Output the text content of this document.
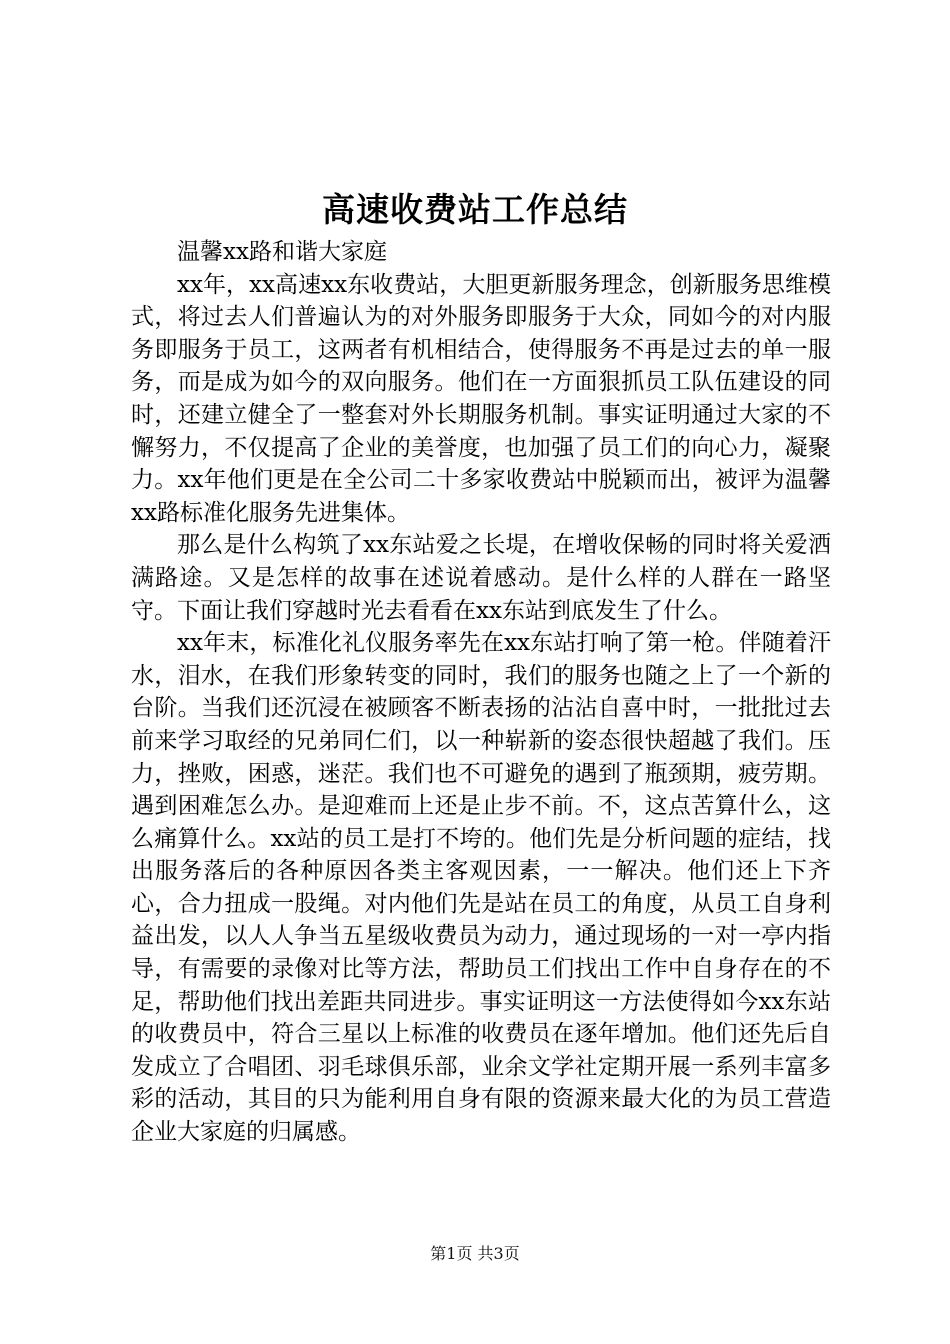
高速收费站工作总结

温馨xx路和谐大家庭

xx年，xx高速xx东收费站，大胆更新服务理念，创新服务思维模式，将过去人们普遍认为的对外服务即服务于大众，同如今的对内服务即服务于员工，这两者有机相结合，使得服务不再是过去的单一服务，而是成为如今的双向服务。他们在一方面狠抓员工队伍建设的同时，还建立健全了一整套对外长期服务机制。事实证明通过大家的不懈努力，不仅提高了企业的美誉度，也加强了员工们的向心力，凝聚力。xx年他们更是在全公司二十多家收费站中脱颖而出，被评为温馨xx路标准化服务先进集体。

那么是什么构筑了xx东站爱之长堤，在增收保畅的同时将关爱洒满路途。又是怎样的故事在述说着感动。是什么样的人群在一路坚守。下面让我们穿越时光去看看在xx东站到底发生了什么。

xx年末，标准化礼仪服务率先在xx东站打响了第一枪。伴随着汗水，泪水，在我们形象转变的同时，我们的服务也随之上了一个新的台阶。当我们还沉浸在被顾客不断表扬的沾沾自喜中时，一批批过去前来学习取经的兄弟同仁们，以一种崭新的姿态很快超越了我们。压力，挫败，困惑，迷茫。我们也不可避免的遇到了瓶颈期，疲劳期。遇到困难怎么办。是迎难而上还是止步不前。不，这点苦算什么，这么痛算什么。xx站的员工是打不垮的。他们先是分析问题的症结，找出服务落后的各种原因各类主客观因素，一一解决。他们还上下齐心，合力扭成一股绳。对内他们先是站在员工的角度，从员工自身利益出发，以人人争当五星级收费员为动力，通过现场的一对一亭内指导，有需要的录像对比等方法，帮助员工们找出工作中自身存在的不足，帮助他们找出差距共同进步。事实证明这一方法使得如今xx东站的收费员中，符合三星以上标准的收费员在逐年增加。他们还先后自发成立了合唱团、羽毛球俱乐部，业余文学社定期开展一系列丰富多彩的活动，其目的只为能利用自身有限的资源来最大化的为员工营造企业大家庭的归属感。

第1页 共3页
